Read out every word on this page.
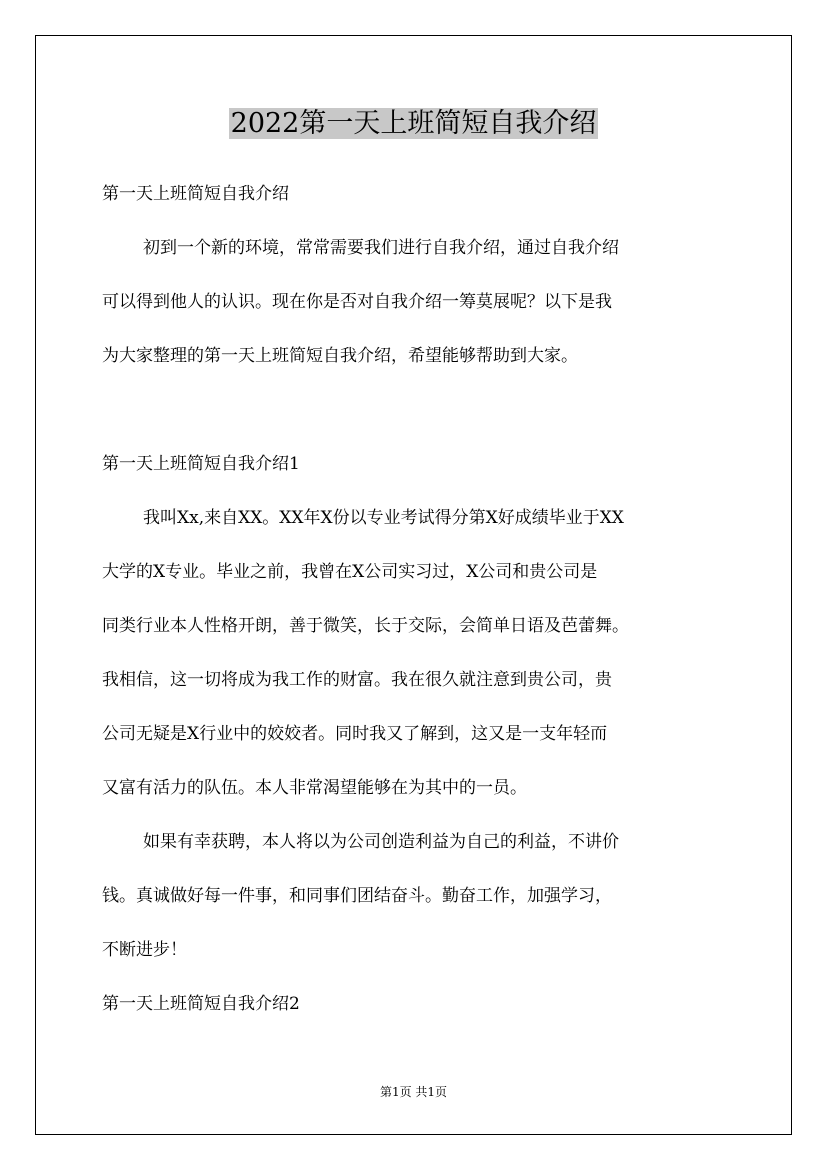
2022第一天上班简短自我介绍
第一天上班简短自我介绍
初到一个新的环境，常常需要我们进行自我介绍，通过自我介绍
可以得到他人的认识。现在你是否对自我介绍一筹莫展呢？以下是我
为大家整理的第一天上班简短自我介绍，希望能够帮助到大家。
第一天上班简短自我介绍1
我叫Xx,来自XX。XX年X份以专业考试得分第X好成绩毕业于XX
大学的X专业。毕业之前，我曾在X公司实习过，X公司和贵公司是
同类行业本人性格开朗，善于微笑，长于交际，会简单日语及芭蕾舞。
我相信，这一切将成为我工作的财富。我在很久就注意到贵公司，贵
公司无疑是X行业中的姣姣者。同时我又了解到，这又是一支年轻而
又富有活力的队伍。本人非常渴望能够在为其中的一员。
如果有幸获聘，本人将以为公司创造利益为自己的利益，不讲价
钱。真诚做好每一件事，和同事们团结奋斗。勤奋工作，加强学习，
不断进步！
第一天上班简短自我介绍2
第1页 共1页
